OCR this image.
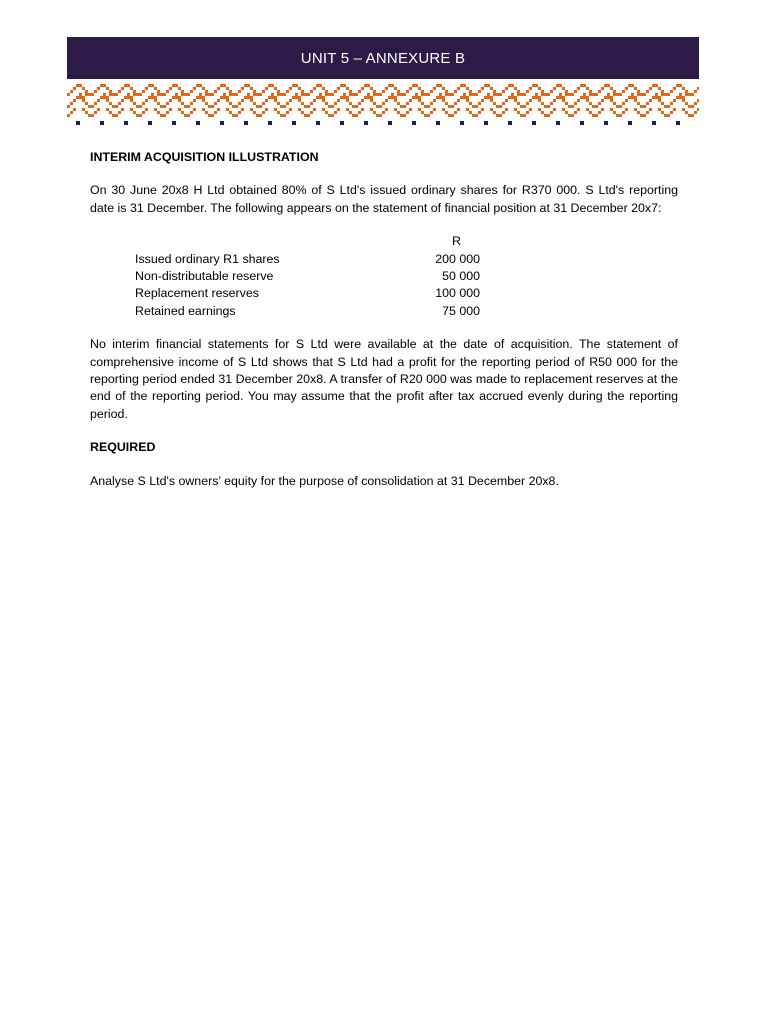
UNIT 5 – ANNEXURE B
INTERIM ACQUISITION ILLUSTRATION

On 30 June 20x8 H Ltd obtained 80% of S Ltd's issued ordinary shares for R370 000. S Ltd's reporting date is 31 December. The following appears on the statement of financial position at 31 December 20x7:

R
Issued ordinary R1 shares	200 000
Non-distributable reserve	50 000
Replacement reserves	100 000
Retained earnings	75 000

No interim financial statements for S Ltd were available at the date of acquisition. The statement of comprehensive income of S Ltd shows that S Ltd had a profit for the reporting period of R50 000 for the reporting period ended 31 December 20x8. A transfer of R20 000 was made to replacement reserves at the end of the reporting period. You may assume that the profit after tax accrued evenly during the reporting period.

REQUIRED

Analyse S Ltd's owners’ equity for the purpose of consolidation at 31 December 20x8.
